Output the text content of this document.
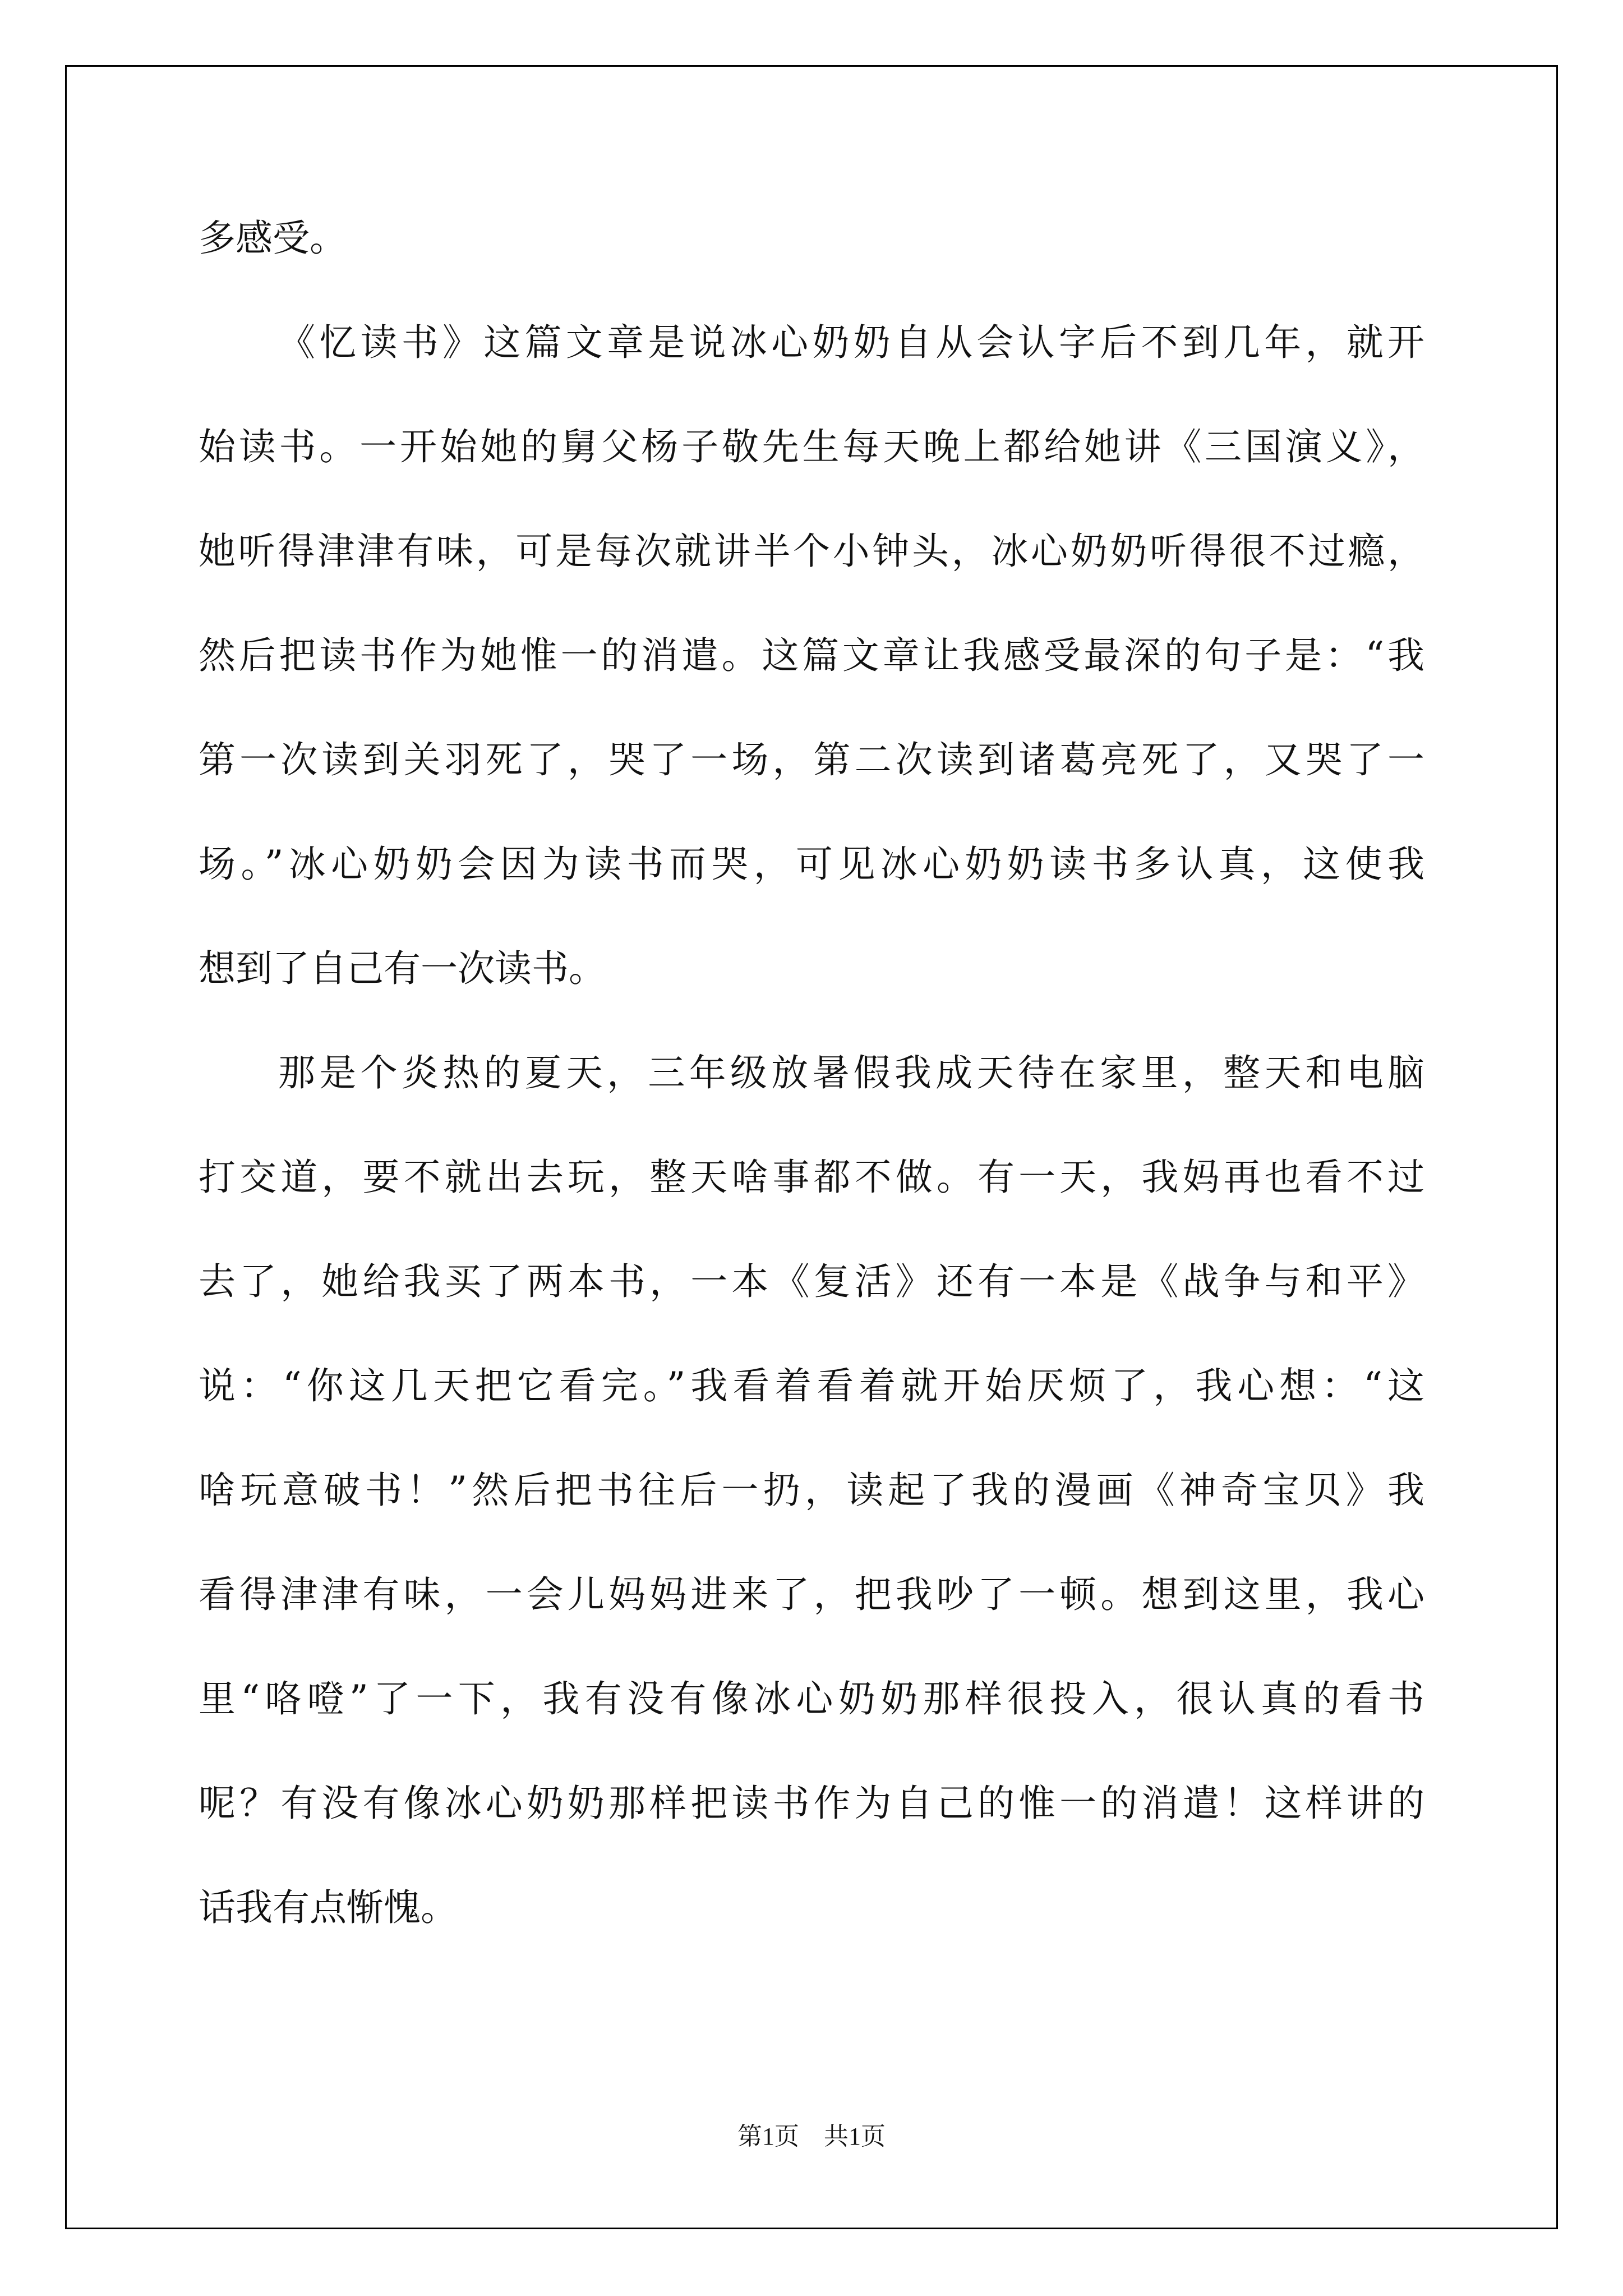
多感受。
《忆读书》这篇文章是说冰心奶奶自从会认字后不到几年，就开
始读书。一开始她的舅父杨子敬先生每天晚上都给她讲《三国演义》，
她听得津津有味，可是每次就讲半个小钟头，冰心奶奶听得很不过瘾，
然后把读书作为她惟一的消遣。这篇文章让我感受最深的句子是：“我
第一次读到关羽死了，哭了一场，第二次读到诸葛亮死了，又哭了一
场。”冰心奶奶会因为读书而哭，可见冰心奶奶读书多认真，这使我
想到了自己有一次读书。
那是个炎热的夏天，三年级放暑假我成天待在家里，整天和电脑
打交道，要不就出去玩，整天啥事都不做。有一天，我妈再也看不过
去了，她给我买了两本书，一本《复活》还有一本是《战争与和平》
说：“你这几天把它看完。”我看着看着就开始厌烦了，我心想：“这
啥玩意破书！”然后把书往后一扔，读起了我的漫画《神奇宝贝》我
看得津津有味，一会儿妈妈进来了，把我吵了一顿。想到这里，我心
里“咯噔”了一下，我有没有像冰心奶奶那样很投入，很认真的看书
呢？有没有像冰心奶奶那样把读书作为自己的惟一的消遣！这样讲的
话我有点惭愧。
第1页 共1页
